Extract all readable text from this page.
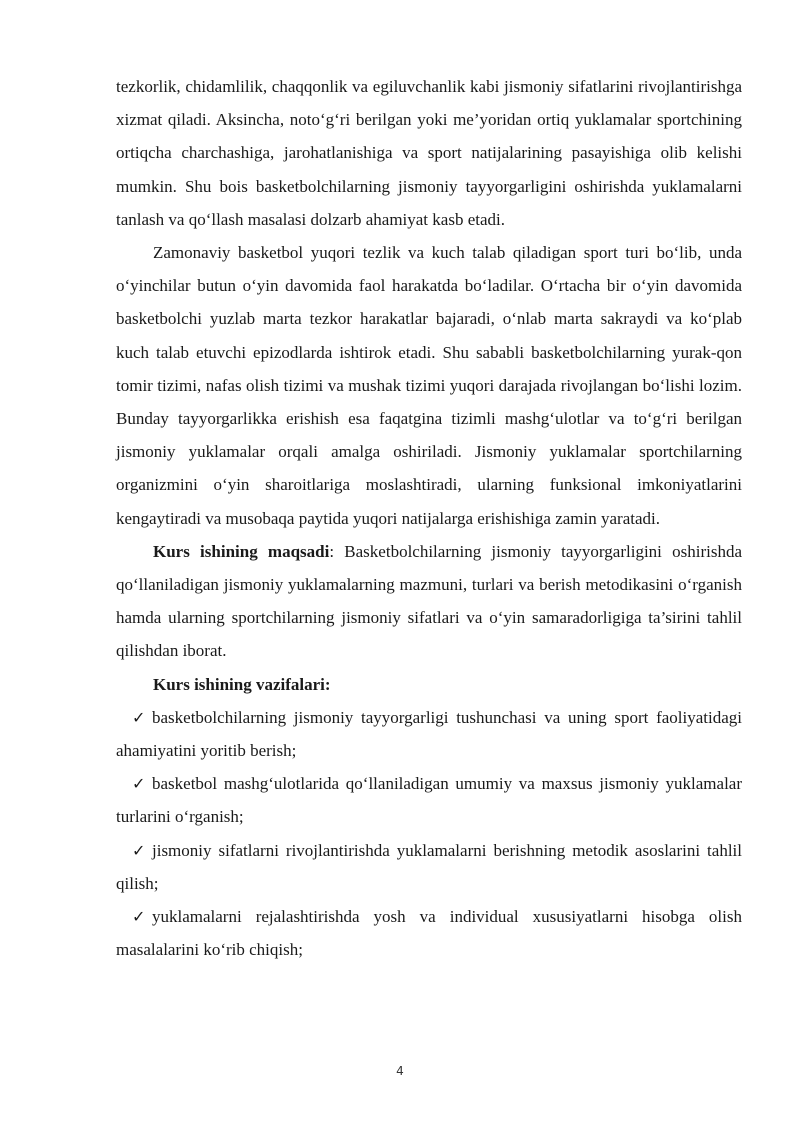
tezkorlik, chidamlilik, chaqqonlik va egiluvchanlik kabi jismoniy sifatlarini rivojlantirishga xizmat qiladi. Aksincha, noto‘g‘ri berilgan yoki me’yoridan ortiq yuklamalar sportchining ortiqcha charchashiga, jarohatlanishiga va sport natijalarining pasayishiga olib kelishi mumkin. Shu bois basketbolchilarning jismoniy tayyorgarligini oshirishda yuklamalarni tanlash va qo‘llash masalasi dolzarb ahamiyat kasb etadi.

Zamonaviy basketbol yuqori tezlik va kuch talab qiladigan sport turi bo‘lib, unda o‘yinchilar butun o‘yin davomida faol harakatda bo‘ladilar. O‘rtacha bir o‘yin davomida basketbolchi yuzlab marta tezkor harakatlar bajaradi, o‘nlab marta sakraydi va ko‘plab kuch talab etuvchi epizodlarda ishtirok etadi. Shu sababli basketbolchilarning yurak-qon tomir tizimi, nafas olish tizimi va mushak tizimi yuqori darajada rivojlangan bo‘lishi lozim. Bunday tayyorgarlikka erishish esa faqatgina tizimli mashg‘ulotlar va to‘g‘ri berilgan jismoniy yuklamalar orqali amalga oshiriladi. Jismoniy yuklamalar sportchilarning organizmini o‘yin sharoitlariga moslashtiradi, ularning funksional imkoniyatlarini kengaytiradi va musobaqa paytida yuqori natijalarga erishishiga zamin yaratadi.

Kurs ishining maqsadi: Basketbolchilarning jismoniy tayyorgarligini oshirishda qo‘llaniladigan jismoniy yuklamalarning mazmuni, turlari va berish metodikasini o‘rganish hamda ularning sportchilarning jismoniy sifatlari va o‘yin samaradorligiga ta’sirini tahlil qilishdan iborat.

Kurs ishining vazifalari:

✓ basketbolchilarning jismoniy tayyorgarligi tushunchasi va uning sport faoliyatidagi ahamiyatini yoritib berish;

✓ basketbol mashg‘ulotlarida qo‘llaniladigan umumiy va maxsus jismoniy yuklamalar turlarini o‘rganish;

✓ jismoniy sifatlarni rivojlantirishda yuklamalarni berishning metodik asoslarini tahlil qilish;

✓ yuklamalarni rejalashtirishda yosh va individual xususiyatlarni hisobga olish masalalarini ko‘rib chiqish;

4
